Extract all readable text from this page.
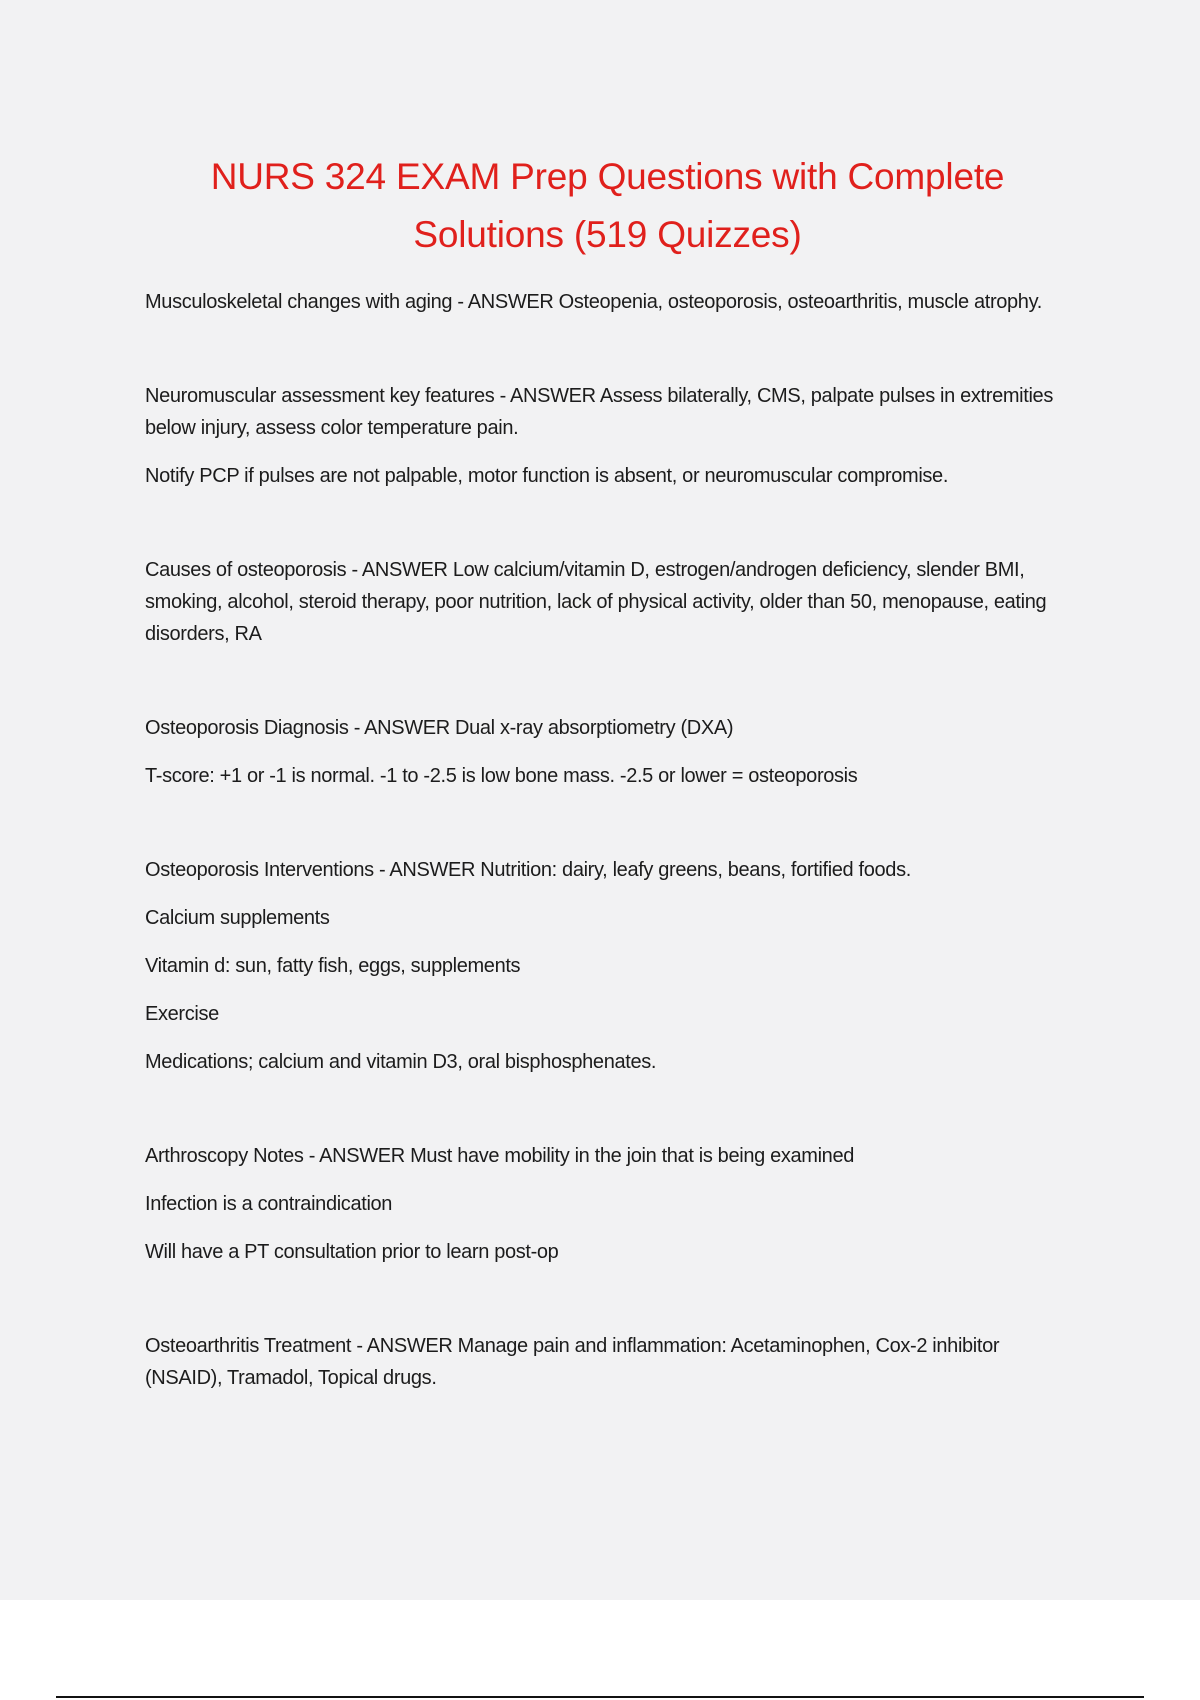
NURS 324 EXAM Prep Questions with Complete Solutions (519 Quizzes)

Musculoskeletal changes with aging - ANSWER Osteopenia, osteoporosis, osteoarthritis, muscle atrophy.

Neuromuscular assessment key features - ANSWER Assess bilaterally, CMS, palpate pulses in extremities below injury, assess color temperature pain.

Notify PCP if pulses are not palpable, motor function is absent, or neuromuscular compromise.

Causes of osteoporosis - ANSWER Low calcium/vitamin D, estrogen/androgen deficiency, slender BMI, smoking, alcohol, steroid therapy, poor nutrition, lack of physical activity, older than 50, menopause, eating disorders, RA

Osteoporosis Diagnosis - ANSWER Dual x-ray absorptiometry (DXA)

T-score: +1 or -1 is normal. -1 to -2.5 is low bone mass. -2.5 or lower = osteoporosis

Osteoporosis Interventions - ANSWER Nutrition: dairy, leafy greens, beans, fortified foods.

Calcium supplements

Vitamin d: sun, fatty fish, eggs, supplements

Exercise

Medications; calcium and vitamin D3, oral bisphosphenates.

Arthroscopy Notes - ANSWER Must have mobility in the join that is being examined

Infection is a contraindication

Will have a PT consultation prior to learn post-op

Osteoarthritis Treatment - ANSWER Manage pain and inflammation: Acetaminophen, Cox-2 inhibitor (NSAID), Tramadol, Topical drugs.
